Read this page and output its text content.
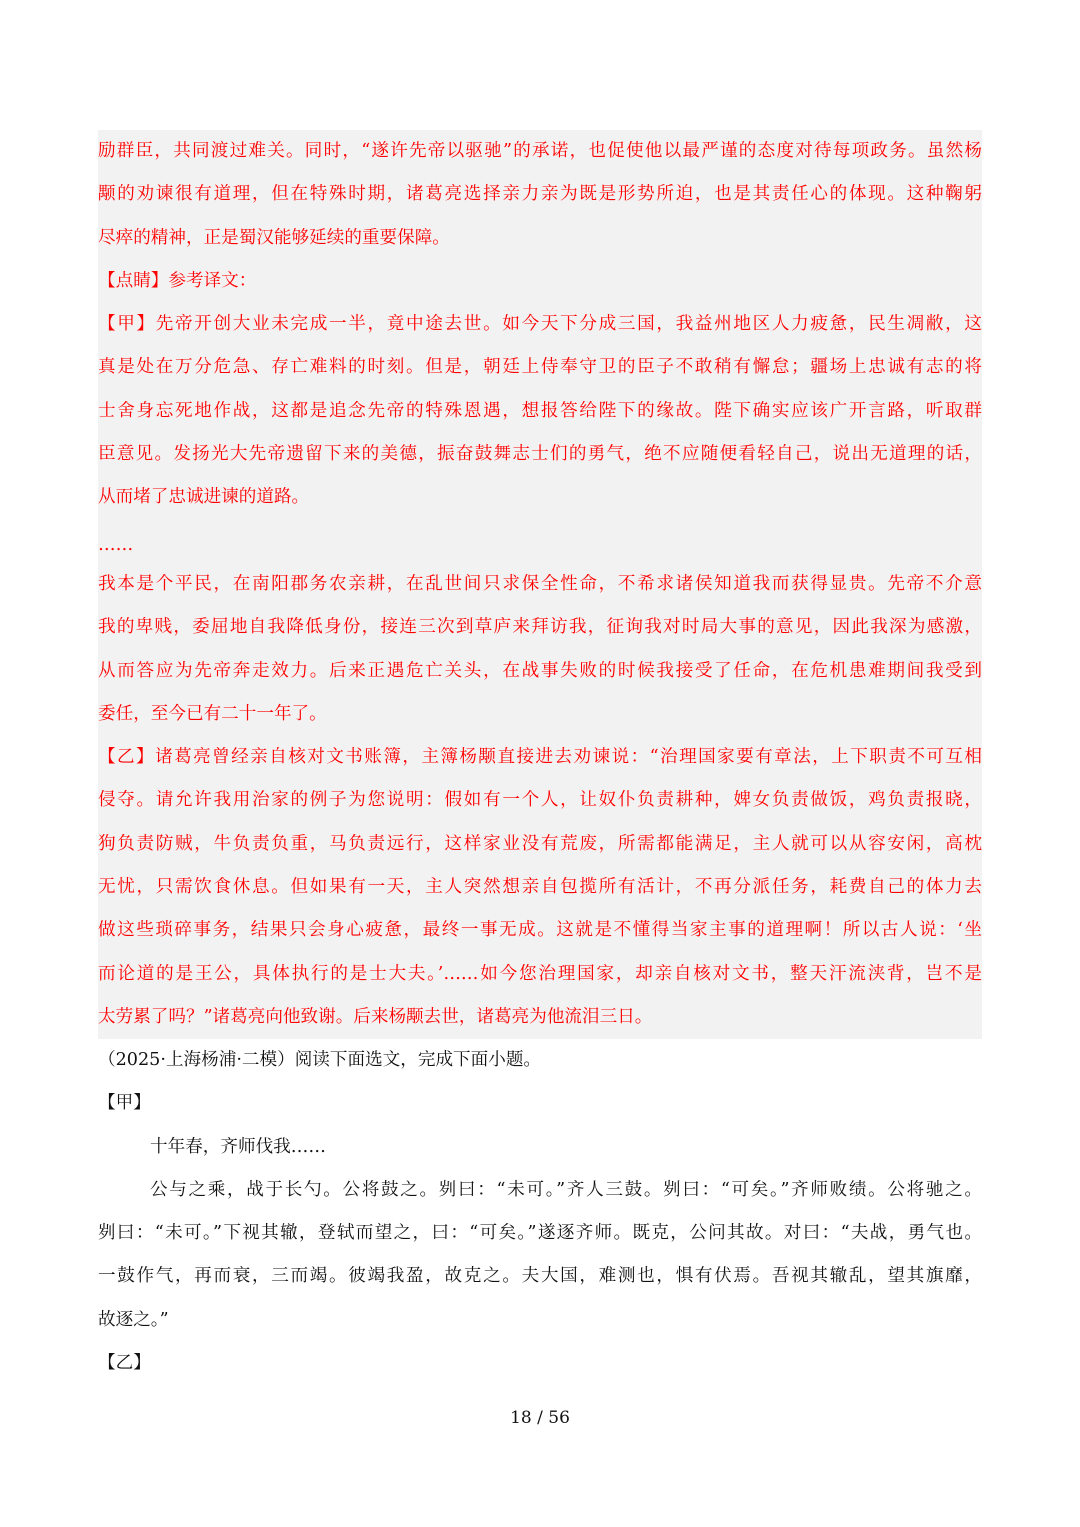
励群臣，共同渡过难关。同时，“遂许先帝以驱驰”的承诺，也促使他以最严谨的态度对待每项政务。虽然杨
颙的劝谏很有道理，但在特殊时期，诸葛亮选择亲力亲为既是形势所迫，也是其责任心的体现。这种鞠躬
尽瘁的精神，正是蜀汉能够延续的重要保障。
【点睛】参考译文：
【甲】先帝开创大业未完成一半，竟中途去世。如今天下分成三国，我益州地区人力疲惫，民生凋敝，这
真是处在万分危急、存亡难料的时刻。但是，朝廷上侍奉守卫的臣子不敢稍有懈怠；疆场上忠诚有志的将
士舍身忘死地作战，这都是追念先帝的特殊恩遇，想报答给陛下的缘故。陛下确实应该广开言路，听取群
臣意见。发扬光大先帝遗留下来的美德，振奋鼓舞志士们的勇气，绝不应随便看轻自己，说出无道理的话，
从而堵了忠诚进谏的道路。
……
我本是个平民，在南阳郡务农亲耕，在乱世间只求保全性命，不希求诸侯知道我而获得显贵。先帝不介意
我的卑贱，委屈地自我降低身份，接连三次到草庐来拜访我，征询我对时局大事的意见，因此我深为感激，
从而答应为先帝奔走效力。后来正遇危亡关头，在战事失败的时候我接受了任命，在危机患难期间我受到
委任，至今已有二十一年了。
【乙】诸葛亮曾经亲自核对文书账簿，主簿杨颙直接进去劝谏说：“治理国家要有章法，上下职责不可互相
侵夺。请允许我用治家的例子为您说明：假如有一个人，让奴仆负责耕种，婢女负责做饭，鸡负责报晓，
狗负责防贼，牛负责负重，马负责远行，这样家业没有荒废，所需都能满足，主人就可以从容安闲，高枕
无忧，只需饮食休息。但如果有一天，主人突然想亲自包揽所有活计，不再分派任务，耗费自己的体力去
做这些琐碎事务，结果只会身心疲惫，最终一事无成。这就是不懂得当家主事的道理啊！所以古人说：‘坐
而论道的是王公，具体执行的是士大夫。’……如今您治理国家，却亲自核对文书，整天汗流浃背，岂不是
太劳累了吗？”诸葛亮向他致谢。后来杨颙去世，诸葛亮为他流泪三日。
（2025·上海杨浦·二模）阅读下面选文，完成下面小题。
【甲】
十年春，齐师伐我……
公与之乘，战于长勺。公将鼓之。刿曰：“未可。”齐人三鼓。刿曰：“可矣。”齐师败绩。公将驰之。
刿曰：“未可。”下视其辙，登轼而望之，曰：“可矣。”遂逐齐师。既克，公问其故。对曰：“夫战，勇气也。
一鼓作气，再而衰，三而竭。彼竭我盈，故克之。夫大国，难测也，惧有伏焉。吾视其辙乱，望其旗靡，
故逐之。”
【乙】
18 / 56
